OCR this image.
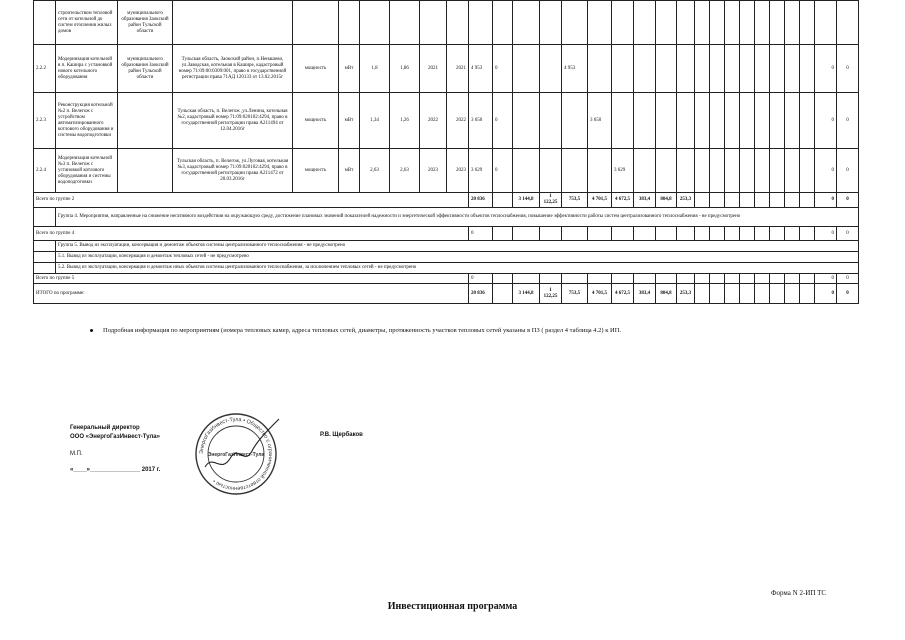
	строительством тепловой сети от котельной до систем отопления жилых домов	муниципального образования Заокский район Тульской области																											
2.2.2	Модернизация котельной в п. Кашира с установкой нового котельного оборудования	муниципального образования Заокский район Тульской области	Тульская область, Заокский район, п.Ненашево, ул.Заводская, котельная в Кашире, кадастровый номер 71:09:00:0309:001, право в государственной регистрации права 71АД 120133 от 13.02.2015г	мощность	мВт	1,8	1,86	2021	2021	4 953	0			4 953														0	0
2.2.3	Реконструкция котельной №2 п. Велегож с устройством автоматизированного котлового оборудования и системы водоподготовки		Тульская область, п. Велегож ,ул.Ленина, котельная №2, кадастровый номер 71:09:020102:4294, право в государственной регистрации права А211494 от 12.04.2016г	мощность	мВт	1,34	1,26	2022	2022	3 650	0				3 650													0	0
2.2.4	Модернизация котельной №3 п. Велегож с установкой котлового оборудования и системы водоподготовки		Тульская область, п. Велегож, ул.Луговая, котельная №3, кадастровый номер 71:09:020102:4294, право в государственной регистрации права А211472 от 20.03.2016г	мощность	мВт	2,63	2,63	2023	2023	3 629	0					3 629												0	0
Всего по группе 2										20 836		3 144,8	1 122,25	753,5	4 701,5	4 672,5	383,4	804,8	253,3									0	0
	Группа 4. Мероприятия, направленные на снижение негативного воздействия на окружающую среду, достижение плановых значений показателей надежности и энергетической эффективности объектов теплоснабжения, повышение эффективности работы систем централизованного теплоснабжения - не предусмотрено																												
Всего по группе 4										0																		0	0
	Группа 5. Вывод из эксплуатации, консервация и демонтаж объектов системы централизованного теплоснабжения - не предусмотрено																												
	5.1. Вывод из эксплуатации, консервация и демонтаж тепловых сетей - не предусмотрено																												
	5.2. Вывод из эксплуатации, консервация и демонтаж иных объектов системы централизованного теплоснабжения, за исключением тепловых сетей - не предусмотрено																												
Всего по группе 5										0																		0	0
ИТОГО по программе:										20 836		3 144,8	1 122,25	753,5	4 701,5	4 672,5	383,4	804,8	253,3									0	0
Подробная информация по мероприятиям (номера тепловых камер, адреса тепловых сетей, диаметры, протяженность участков тепловых сетей указаны в ПЗ ( раздел 4 таблица 4.2) к ИП.
Генеральный директор
ООО «ЭнергоГазИнвест-Тула»
М.П.
«____»_______________ 2017 г.
Р.В. Щербаков
ЭнергоГазИнвест-Тула • Общество с ограниченной ответственностью •
ЭнергоГазИнвест-Тула
Форма N 2-ИП ТС
Инвестиционная программа
